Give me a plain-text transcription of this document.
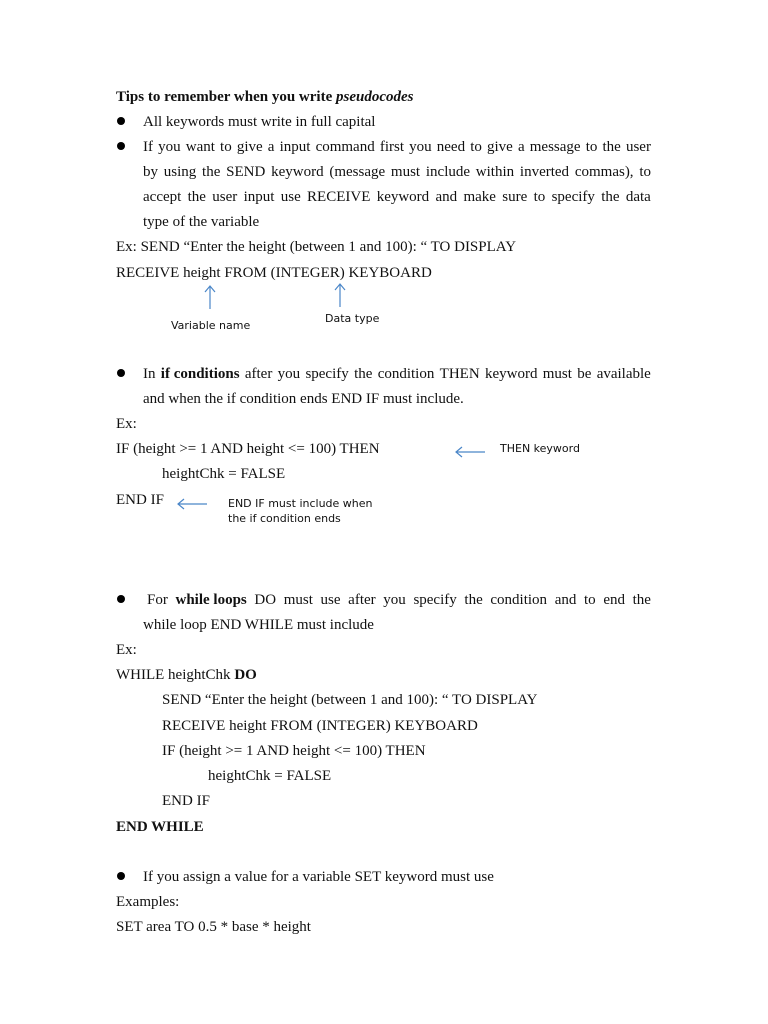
Tips to remember when you write pseudocodes
All keywords must write in full capital
If you want to give a input command first you need to give a message to the user
by using the SEND keyword (message must include within inverted commas), to
accept the user input use RECEIVE keyword and make sure to specify the data
type of the variable
Ex: SEND “Enter the height (between 1 and 100): “ TO DISPLAY
RECEIVE height FROM (INTEGER) KEYBOARD
Variable name
Data type
In if conditions after you specify the condition THEN keyword must be available
and when the if condition ends END IF must include.
Ex:
IF (height >= 1 AND height <= 100) THEN
heightChk = FALSE
END IF
THEN keyword
END IF must include when
the if condition ends
For while loops DO must use after you specify the condition and to end the
while loop END WHILE must include
Ex:
WHILE heightChk DO
SEND “Enter the height (between 1 and 100): “ TO DISPLAY
RECEIVE height FROM (INTEGER) KEYBOARD
IF (height >= 1 AND height <= 100) THEN
heightChk = FALSE
END IF
END WHILE
If you assign a value for a variable SET keyword must use
Examples:
SET area TO 0.5 * base * height
